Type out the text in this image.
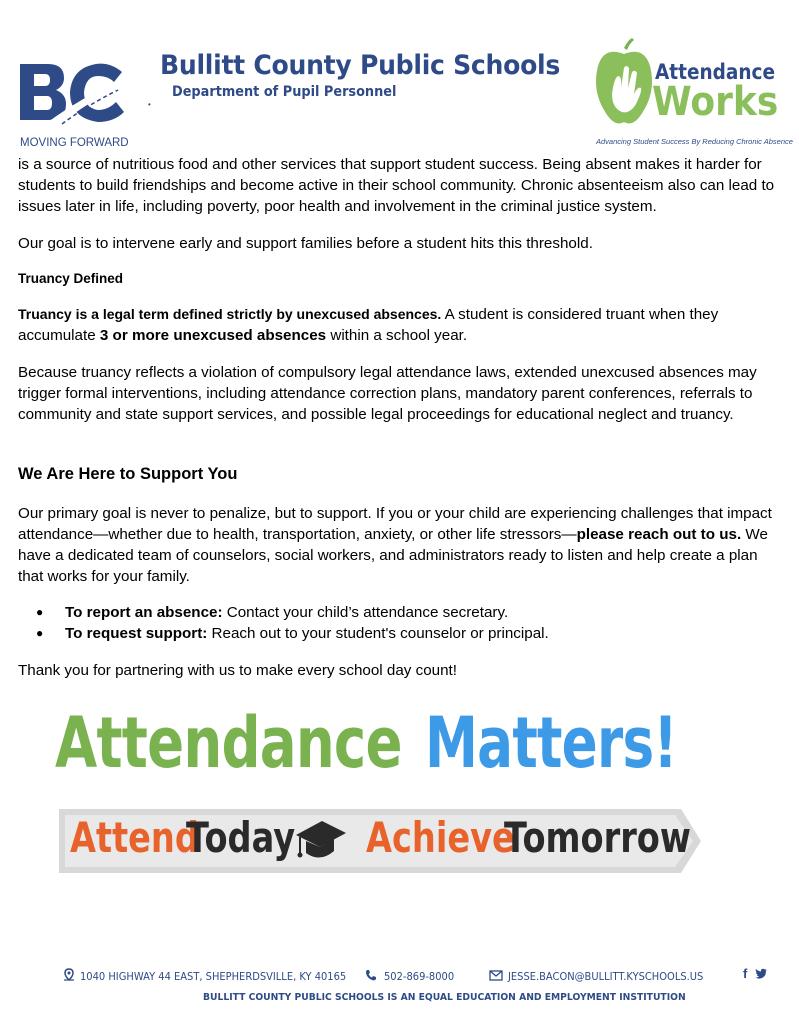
MOVING FORWARD
•
Bullitt County Public Schools
Department of Pupil Personnel
Attendance
Works
Advancing Student Success By Reducing Chronic Absence
is a source of nutritious food and other services that support student success. Being absent makes it harder for students to build friendships and become active in their school community. Chronic absenteeism also can lead to issues later in life, including poverty, poor health and involvement in the criminal justice system.
Our goal is to intervene early and support families before a student hits this threshold.
Truancy Defined
Truancy is a legal term defined strictly by unexcused absences. A student is considered truant when they accumulate 3 or more unexcused absences within a school year.
Because truancy reflects a violation of compulsory legal attendance laws, extended unexcused absences may trigger formal interventions, including attendance correction plans, mandatory parent conferences, referrals to community and state support services, and possible legal proceedings for educational neglect and truancy.
We Are Here to Support You
Our primary goal is never to penalize, but to support. If you or your child are experiencing challenges that impact attendance—whether due to health, transportation, anxiety, or other life stressors—please reach out to us. We have a dedicated team of counselors, social workers, and administrators ready to listen and help create a plan that works for your family.
● To report an absence: Contact your child’s attendance secretary.
● To request support: Reach out to your student's counselor or principal.
Thank you for partnering with us to make every school day count!
Attendance Matters!
Attend
Today Achieve
Tomorrow
1040 HIGHWAY 44 EAST, SHEPHERDSVILLE, KY 40165	502-869-8000	JESSE.BACON@BULLITT.KYSCHOOLS.US	f
BULLITT COUNTY PUBLIC SCHOOLS IS AN EQUAL EDUCATION AND EMPLOYMENT INSTITUTION
